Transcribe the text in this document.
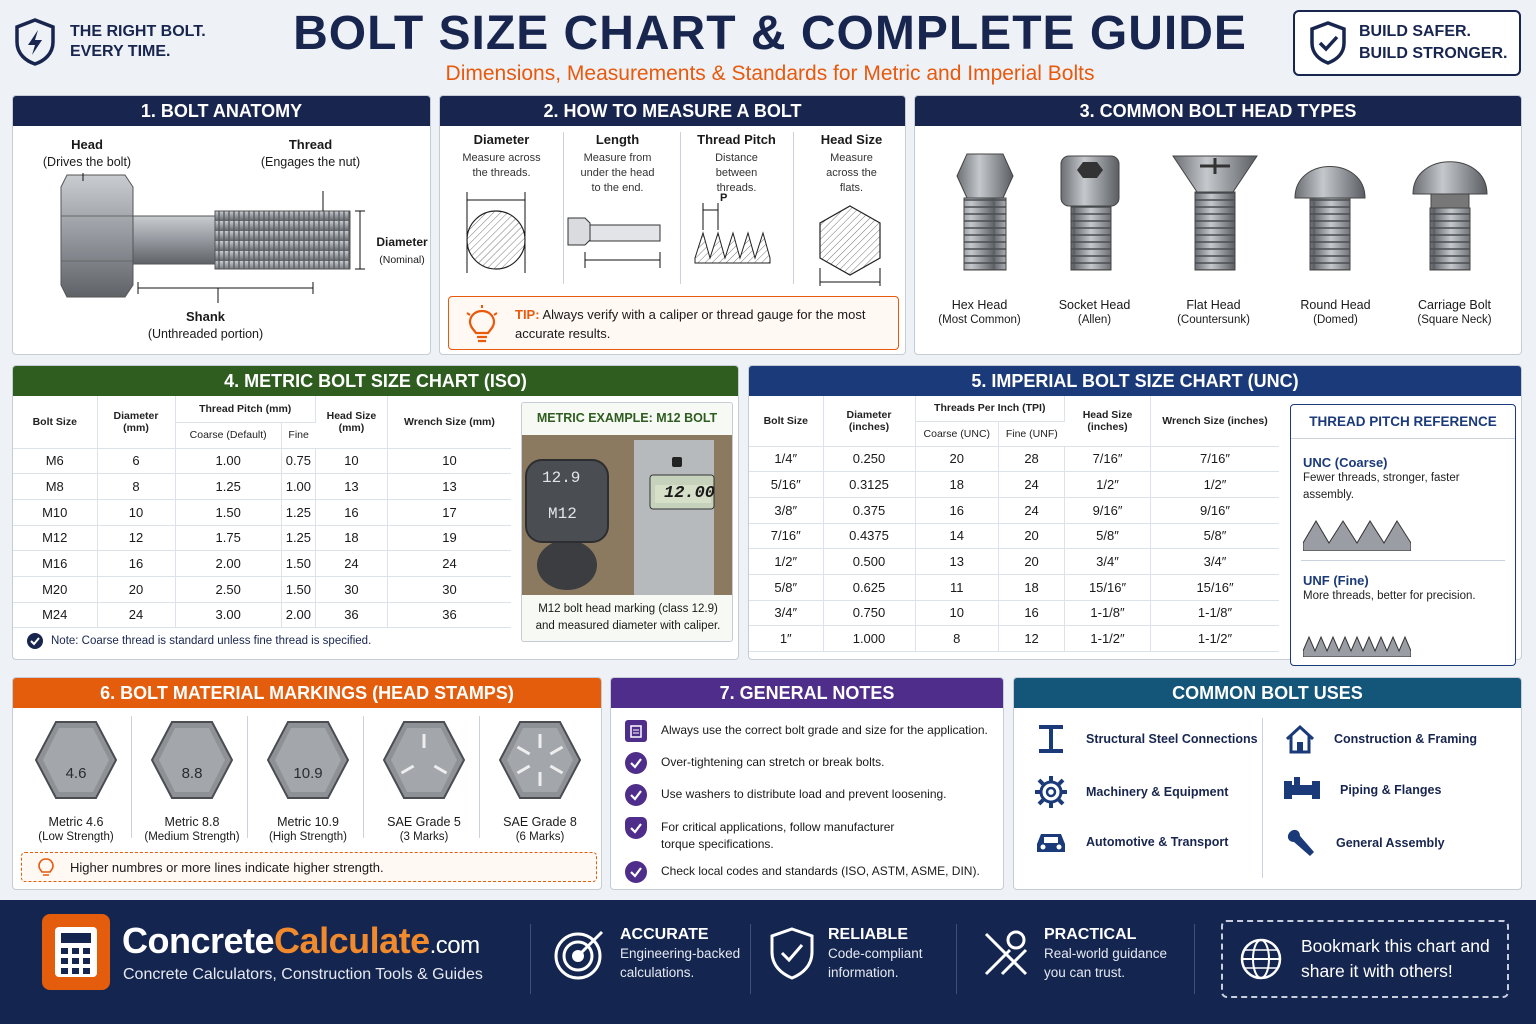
THE RIGHT BOLT.
EVERY TIME.	BOLT SIZE CHART & COMPLETE GUIDE
Dimensions, Measurements & Standards for Metric and Imperial Bolts
BUILD SAFER.
BUILD STRONGER.
1. BOLT ANATOMY
Head
(Drives the bolt)
Thread
(Engages the nut)
Diameter
(Nominal)
Shank
(Unthreaded portion)
2. HOW TO MEASURE A BOLT
Diameter
Measure across the threads.
Length
Measure from under the head to the end.
Thread Pitch
Distance between threads.
Head Size
Measure across the flats.
P
TIP: Always verify with a caliper or thread gauge for the most accurate results.
3. COMMON BOLT HEAD TYPES
Hex Head
(Most Common)
Socket Head
(Allen)
Flat Head
(Countersunk)
Round Head
(Domed)
Carriage Bolt
(Square Neck)
4. METRIC BOLT SIZE CHART (ISO)
Bolt Size	Diameter (mm)	Thread Pitch (mm)		Head Size (mm)	Wrench Size (mm)
		Coarse (Default)	Fine		
M6	6	1.00	0.75	10	10
M8	8	1.25	1.00	13	13
M10	10	1.50	1.25	16	17
M12	12	1.75	1.25	18	19
M16	16	2.00	1.50	24	24
M20	20	2.50	1.50	30	30
M24	24	3.00	2.00	36	36
Note: Coarse thread is standard unless fine thread is specified.
METRIC EXAMPLE: M12 BOLT
12.9
M12
12.00
M12 bolt head marking (class 12.9) and measured diameter with caliper.
5. IMPERIAL BOLT SIZE CHART (UNC)
Bolt Size	Diameter (inches)	Threads Per Inch (TPI)		Head Size (inches)	Wrench Size (inches)
		Coarse (UNC)	Fine (UNF)		
1/4″	0.250	20	28	7/16″	7/16″
5/16″	0.3125	18	24	1/2″	1/2″
3/8″	0.375	16	24	9/16″	9/16″
7/16″	0.4375	14	20	5/8″	5/8″
1/2″	0.500	13	20	3/4″	3/4″
5/8″	0.625	11	18	15/16″	15/16″
3/4″	0.750	10	16	1-1/8″	1-1/8″
1″	1.000	8	12	1-1/2″	1-1/2″
THREAD PITCH REFERENCE
UNC (Coarse)
Fewer threads, stronger, faster assembly.
UNF (Fine)
More threads, better for precision.
6. BOLT MATERIAL MARKINGS (HEAD STAMPS)
4.6
Metric 4.6
(Low Strength)
8.8
Metric 8.8
(Medium Strength)
10.9
Metric 10.9
(High Strength)
SAE Grade 5
(3 Marks)
SAE Grade 8
(6 Marks)
Higher numbres or more lines indicate higher strength.
7. GENERAL NOTES
Always use the correct bolt grade and size for the application.
Over-tightening can stretch or break bolts.
Use washers to distribute load and prevent loosening.
For critical applications, follow manufacturer torque specifications.
Check local codes and standards (ISO, ASTM, ASME, DIN).
COMMON BOLT USES
Structural Steel Connections	Construction & Framing
Machinery & Equipment	Piping & Flanges
Automotive & Transport	General Assembly
ConcreteCalculate.com
Concrete Calculators, Construction Tools & Guides
ACCURATE
Engineering-backed calculations.
RELIABLE
Code-compliant information.
PRACTICAL
Real-world guidance you can trust.
Bookmark this chart and share it with others!
